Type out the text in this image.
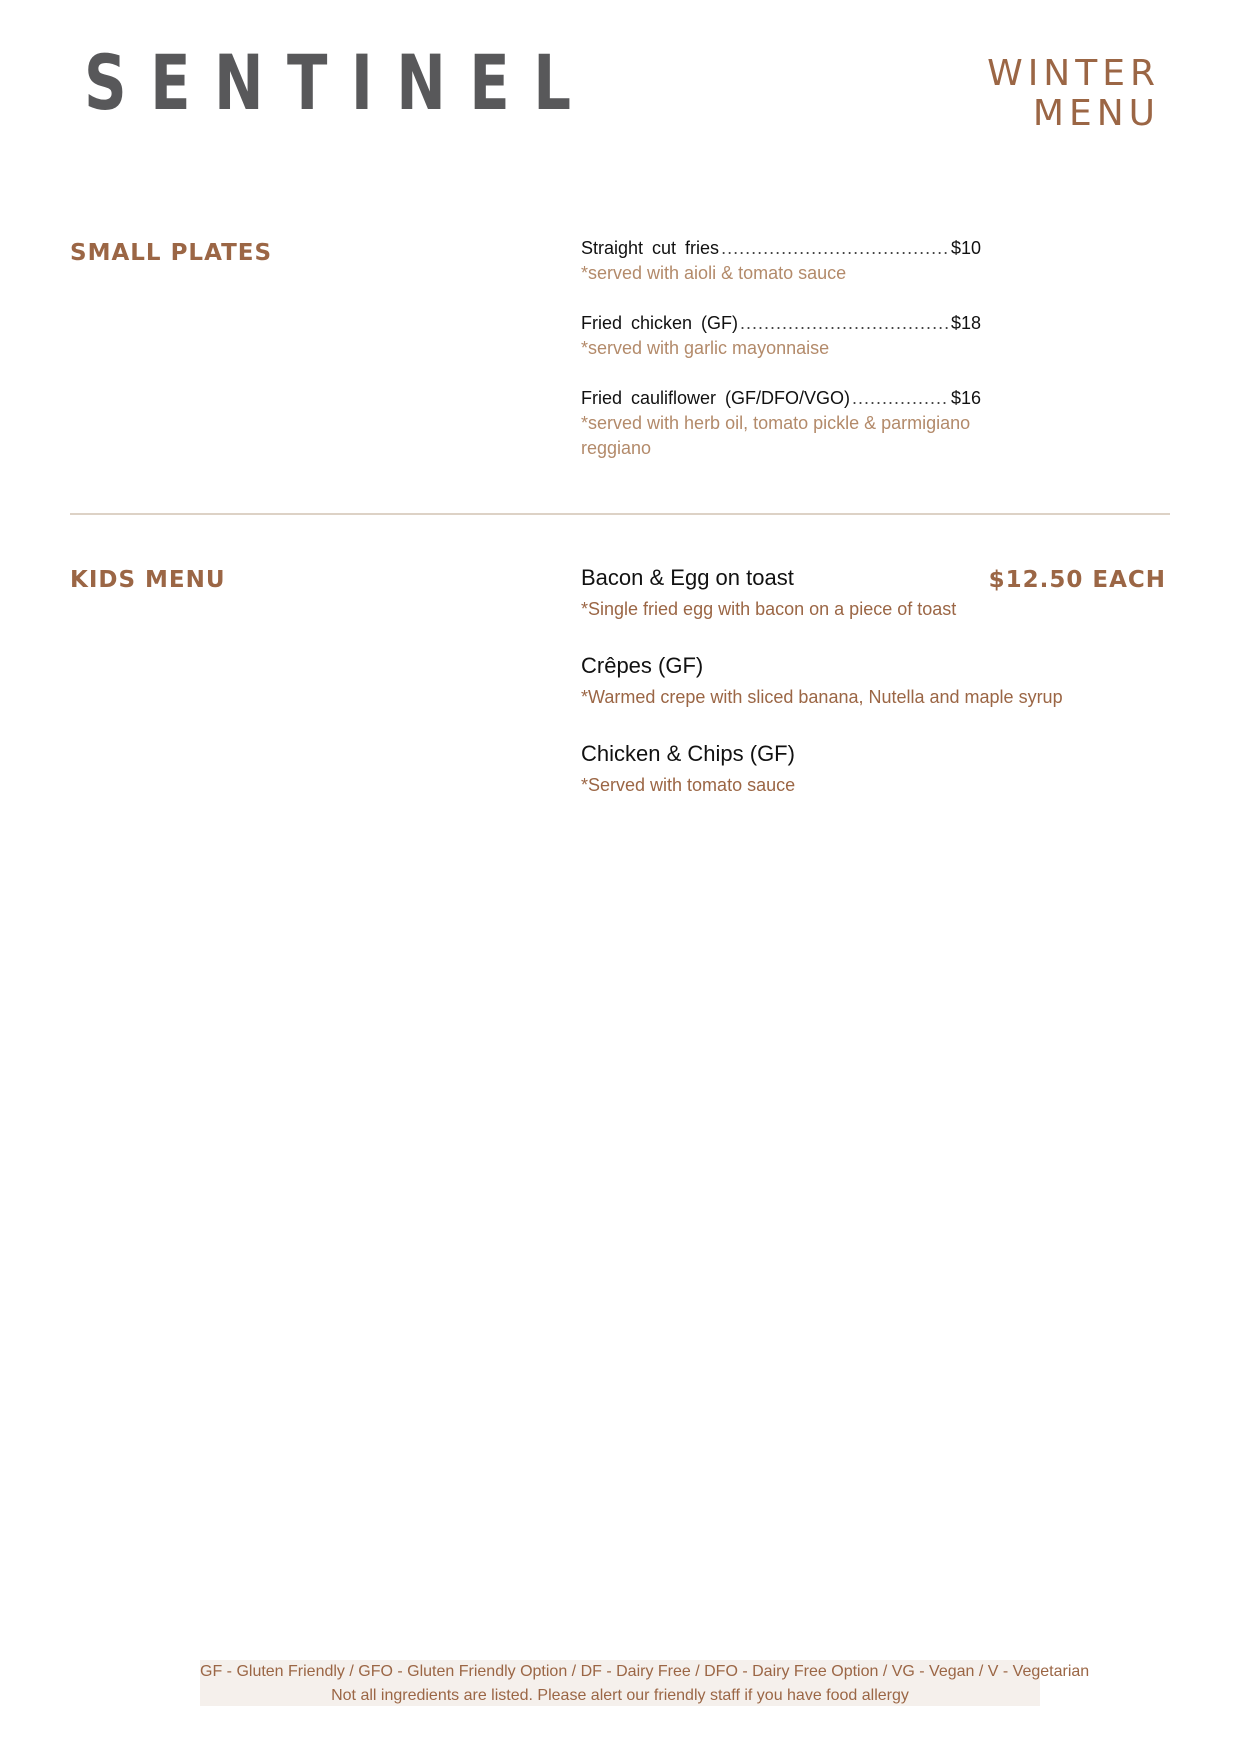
SENTINEL	WINTER
MENU
SMALL PLATES	Straight cut fries .....	$10
*served with aioli & tomato sauce
Fried chicken (GF) .....	$18
*served with garlic mayonnaise
Fried cauliflower (GF/DFO/VGO) .....	$16
*served with herb oil, tomato pickle & parmigiano reggiano
KIDS MENU	$12.50 EACH
Bacon & Egg on toast
*Single fried egg with bacon on a piece of toast
Crêpes (GF)
*Warmed crepe with sliced banana, Nutella and maple syrup
Chicken & Chips (GF)
*Served with tomato sauce
GF - Gluten Friendly / GFO - Gluten Friendly Option / DF - Dairy Free / DFO - Dairy Free Option / VG - Vegan / V - Vegetarian
Not all ingredients are listed. Please alert our friendly staff if you have food allergy
